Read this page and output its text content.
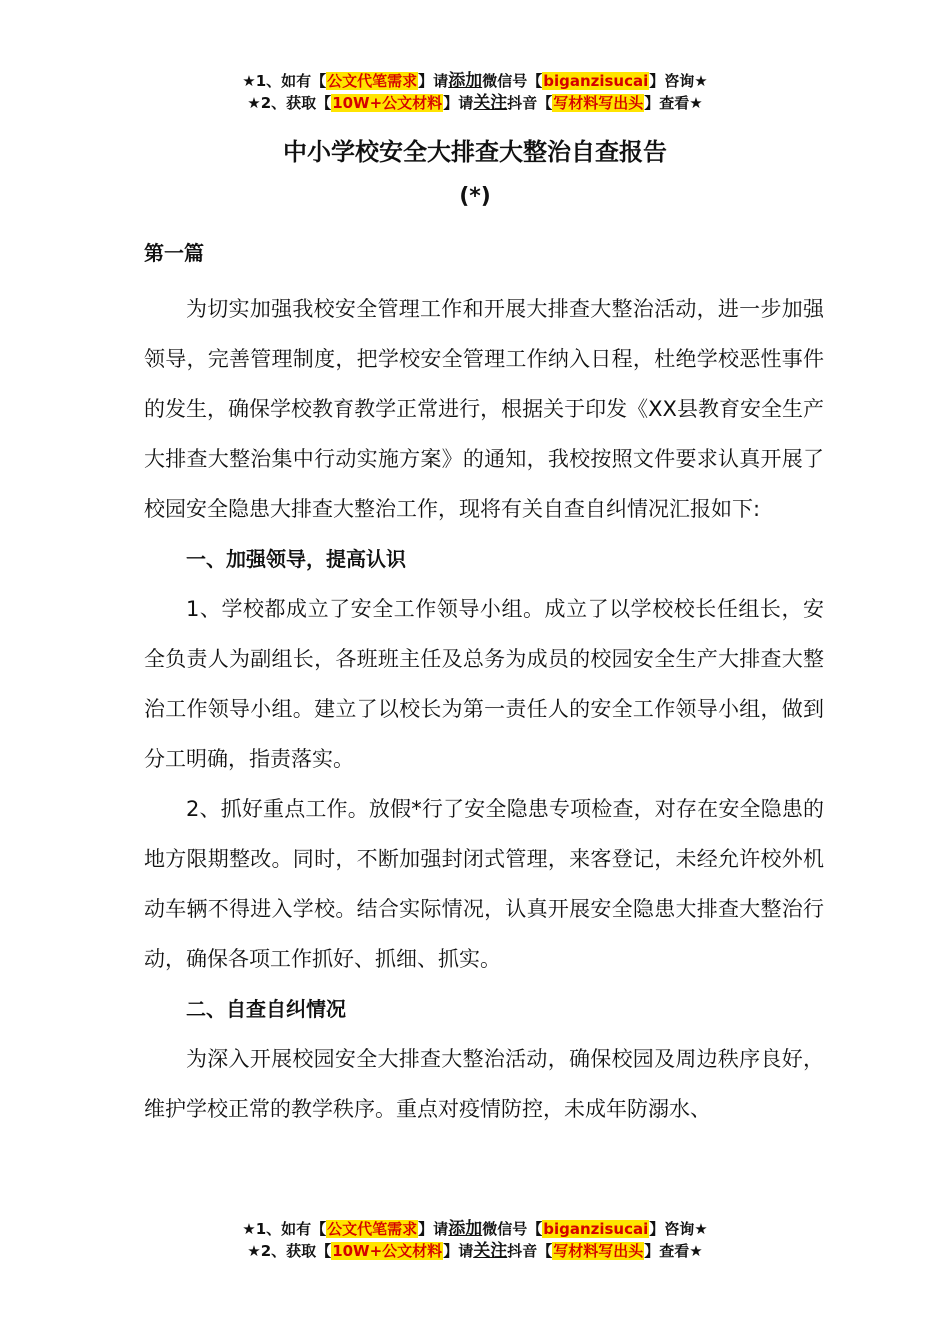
★1、如有【公文代笔需求】请添加微信号【biganzisucai】咨询★
★2、获取【10W+公文材料】请关注抖音【写材料写出头】查看★
中小学校安全大排查大整治自查报告
(*)
第一篇

为切实加强我校安全管理工作和开展大排查大整治活动，进一步加强领导，完善管理制度，把学校安全管理工作纳入日程，杜绝学校恶性事件的发生，确保学校教育教学正常进行，根据关于印发《XX县教育安全生产大排查大整治集中行动实施方案》的通知，我校按照文件要求认真开展了校园安全隐患大排查大整治工作，现将有关自查自纠情况汇报如下:

一、加强领导，提高认识

1、学校都成立了安全工作领导小组。成立了以学校校长任组长，安全负责人为副组长，各班班主任及总务为成员的校园安全生产大排查大整治工作领导小组。建立了以校长为第一责任人的安全工作领导小组，做到分工明确，指责落实。

2、抓好重点工作。放假*行了安全隐患专项检查，对存在安全隐患的地方限期整改。同时，不断加强封闭式管理，来客登记，未经允许校外机动车辆不得进入学校。结合实际情况，认真开展安全隐患大排查大整治行动，确保各项工作抓好、抓细、抓实。

二、自查自纠情况

为深入开展校园安全大排查大整治活动，确保校园及周边秩序良好，维护学校正常的教学秩序。重点对疫情防控，未成年防溺水、

★1、如有【公文代笔需求】请添加微信号【biganzisucai】咨询★
★2、获取【10W+公文材料】请关注抖音【写材料写出头】查看★
